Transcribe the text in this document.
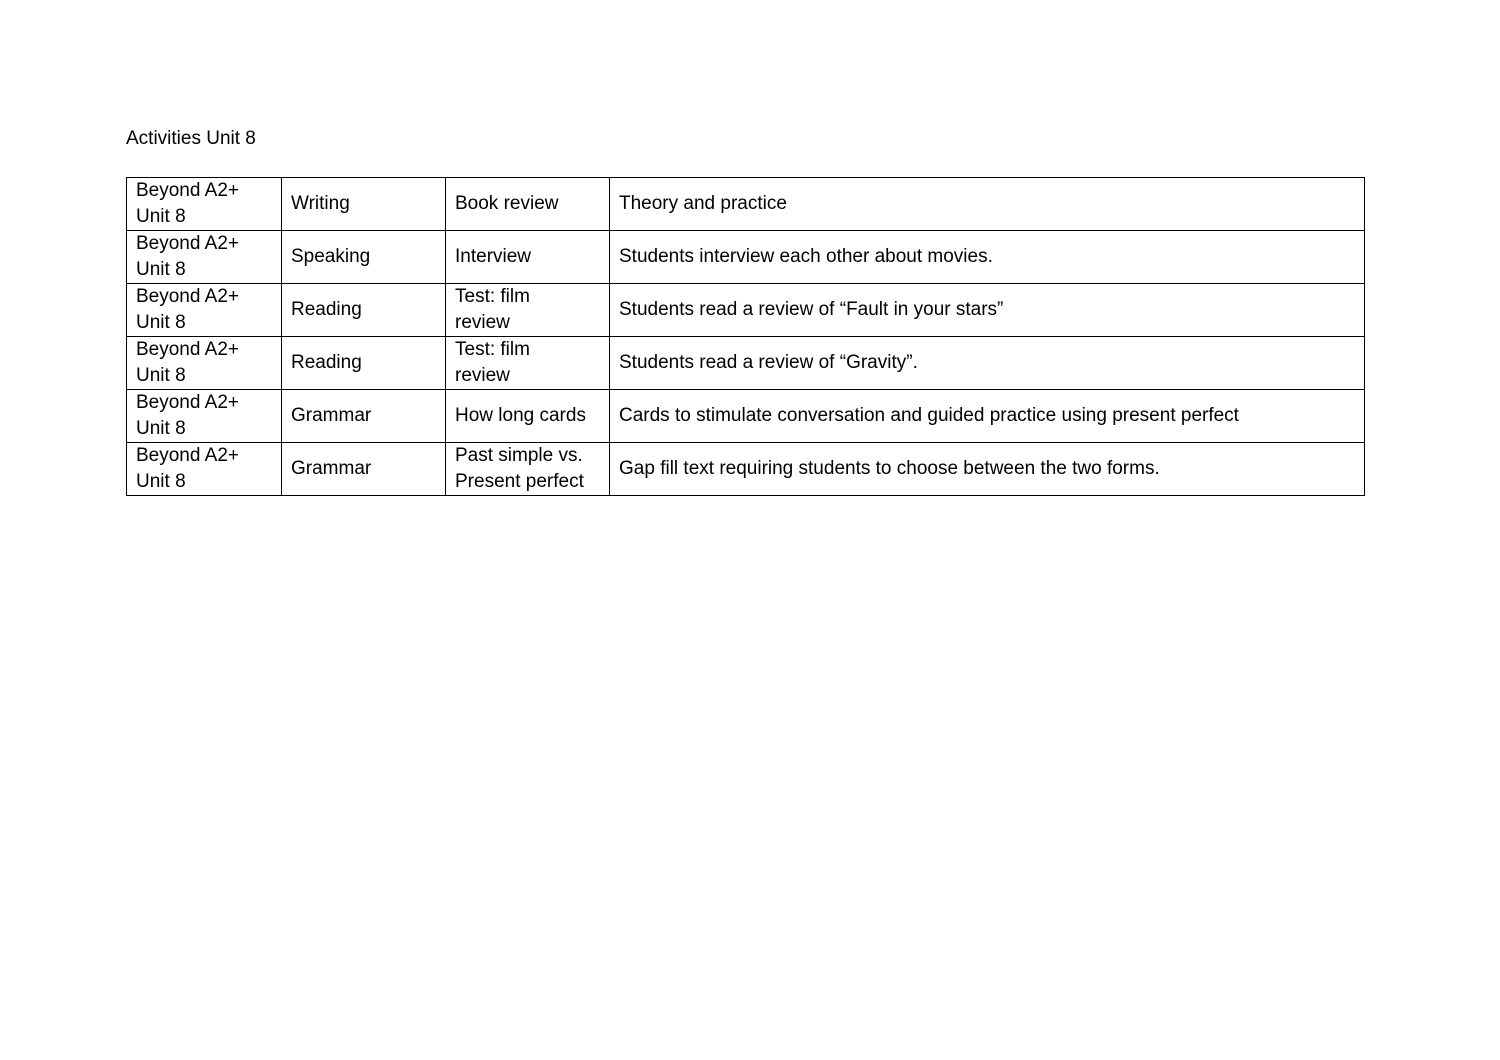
Activities Unit 8
Beyond A2+
Unit 8	Writing	Book review	Theory and practice
Beyond A2+
Unit 8	Speaking	Interview	Students interview each other about movies.
Beyond A2+
Unit 8	Reading	Test: film
review	Students read a review of “Fault in your stars”
Beyond A2+
Unit 8	Reading	Test: film
review	Students read a review of “Gravity”.
Beyond A2+
Unit 8	Grammar	How long cards	Cards to stimulate conversation and guided practice using present perfect
Beyond A2+
Unit 8	Grammar	Past simple vs.
Present perfect	Gap fill text requiring students to choose between the two forms.
